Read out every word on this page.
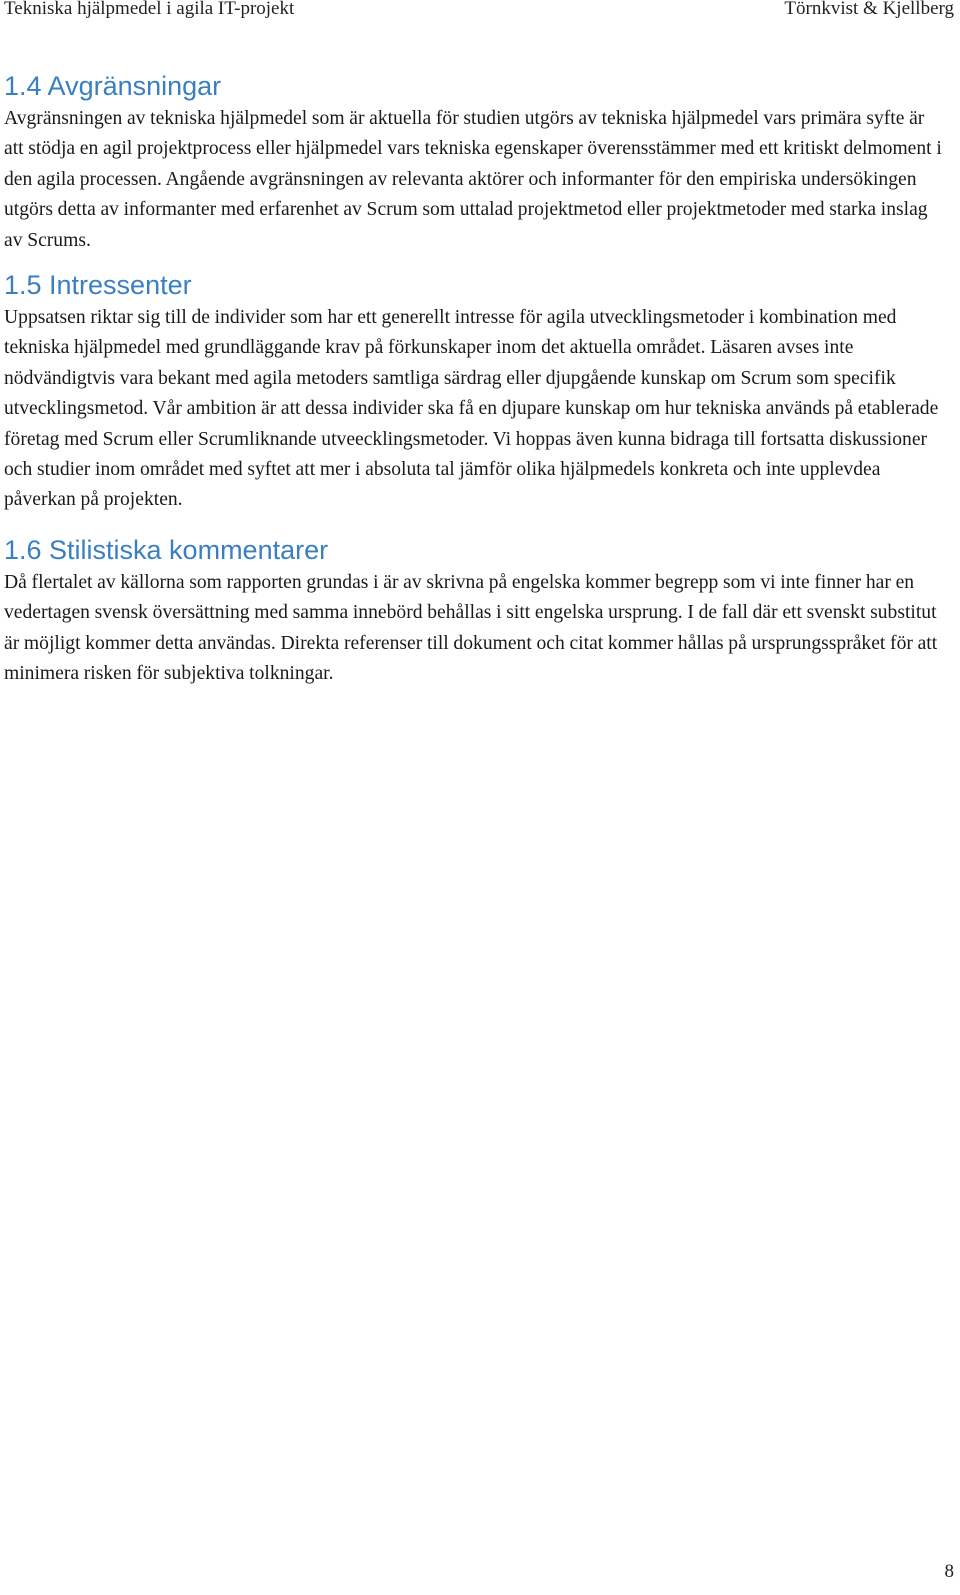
Tekniska hjälpmedel i agila IT-projekt	Törnkvist & Kjellberg
1.4 Avgränsningar

Avgränsningen av tekniska hjälpmedel som är aktuella för studien utgörs av tekniska hjälpmedel vars primära syfte är att stödja en agil projektprocess eller hjälpmedel vars tekniska egenskaper överensstämmer med ett kritiskt delmoment i den agila processen. Angående avgränsningen av relevanta aktörer och informanter för den empiriska undersökingen utgörs detta av informanter med erfarenhet av Scrum som uttalad projektmetod eller projektmetoder med starka inslag av Scrums.

1.5 Intressenter

Uppsatsen riktar sig till de individer som har ett generellt intresse för agila utvecklingsmetoder i kombination med tekniska hjälpmedel med grundläggande krav på förkunskaper inom det aktuella området. Läsaren avses inte nödvändigtvis vara bekant med agila metoders samtliga särdrag eller djupgående kunskap om Scrum som specifik utvecklingsmetod. Vår ambition är att dessa individer ska få en djupare kunskap om hur tekniska används på etablerade företag med Scrum eller Scrumliknande utveecklingsmetoder. Vi hoppas även kunna bidraga till fortsatta diskussioner och studier inom området med syftet att mer i absoluta tal jämför olika hjälpmedels konkreta och inte upplevdea påverkan på projekten.

1.6 Stilistiska kommentarer

Då flertalet av källorna som rapporten grundas i är av skrivna på engelska kommer begrepp som vi inte finner har en vedertagen svensk översättning med samma innebörd behållas i sitt engelska ursprung. I de fall där ett svenskt substitut är möjligt kommer detta användas. Direkta referenser till dokument och citat kommer hållas på ursprungsspråket för att minimera risken för subjektiva tolkningar.

8
